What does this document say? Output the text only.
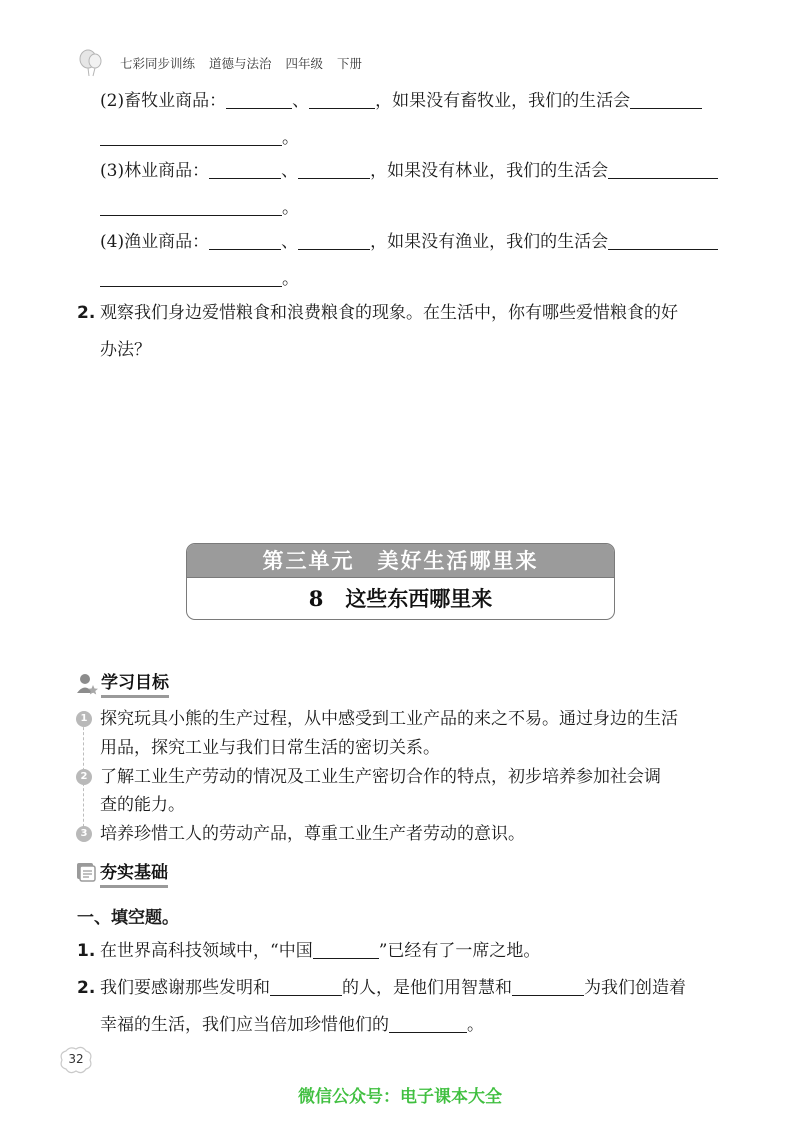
七彩同步训练 道德与法治 四年级 下册
(2)畜牧业商品：	、	，如果没有畜牧业，我们的生活会
。
(3)林业商品：	、	，如果没有林业，我们的生活会
。
(4)渔业商品：	、	，如果没有渔业，我们的生活会
。
2. 观察我们身边爱惜粮食和浪费粮食的现象。在生活中，你有哪些爱惜粮食的好
办法？
第三单元　美好生活哪里来
8 这些东西哪里来
学习目标
1 探究玩具小熊的生产过程，从中感受到工业产品的来之不易。通过身边的生活
用品，探究工业与我们日常生活的密切关系。
2 了解工业生产劳动的情况及工业生产密切合作的特点，初步培养参加社会调
查的能力。
3 培养珍惜工人的劳动产品，尊重工业生产者劳动的意识。
夯实基础
一、填空题。
1. 在世界高科技领域中，“中国	”已经有了一席之地。
2. 我们要感谢那些发明和	的人，是他们用智慧和	为我们创造着
幸福的生活，我们应当倍加珍惜他们的	。
32
微信公众号：电子课本大全
